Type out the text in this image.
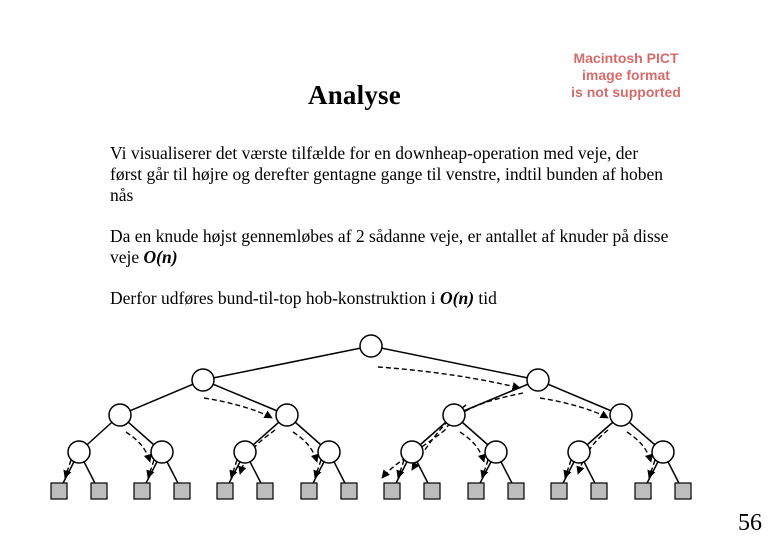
Analyse
Macintosh PICT
image format
is not supported
Vi visualiserer det værste tilfælde for en downheap-operation med veje, der først går til højre og derefter gentagne gange til venstre, indtil bunden af hoben nås
Da en knude højst gennemløbes af 2 sådanne veje, er antallet af knuder på disse veje O(n)
Derfor udføres bund-til-top hob-konstruktion i O(n) tid
56
